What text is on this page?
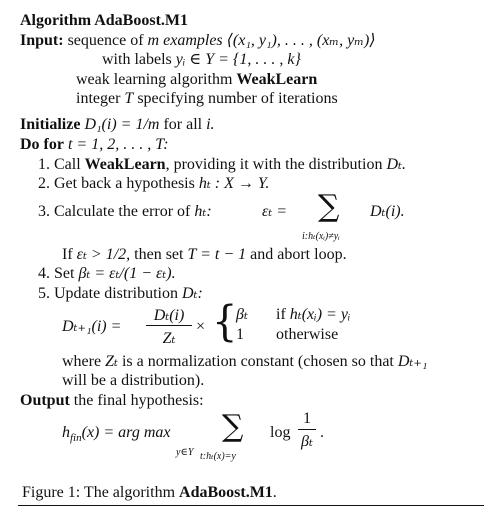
Algorithm AdaBoost.M1
Input: sequence of m examples ⟨(x₁, y₁), . . . , (xₘ, yₘ)⟩
with labels yᵢ ∈ Y = {1, . . . , k}
weak learning algorithm WeakLearn
integer T specifying number of iterations
Initialize D₁(i) = 1/m for all i.
Do for t = 1, 2, . . . , T:
1. Call WeakLearn, providing it with the distribution Dₜ.
2. Get back a hypothesis hₜ : X → Y.
3. Calculate the error of hₜ:	εₜ = ∑
i:hₜ(xᵢ)≠yᵢ
Dₜ(i).
If εₜ > 1/2, then set T = t − 1 and abort loop.
4. Set βₜ = εₜ/(1 − εₜ).
5. Update distribution Dₜ:
Dₜ₊₁(i) =
Dₜ(i)
Zₜ
× {
βₜ if hₜ(xᵢ) = yᵢ
1 otherwise
where Zₜ is a normalization constant (chosen so that Dₜ₊₁
will be a distribution).
Output the final hypothesis:
$h_{fin}(x)$ = arg max
y∈Y
∑
t:hₜ(x)=y
log
1
βₜ
.
Figure 1: The algorithm AdaBoost.M1.
